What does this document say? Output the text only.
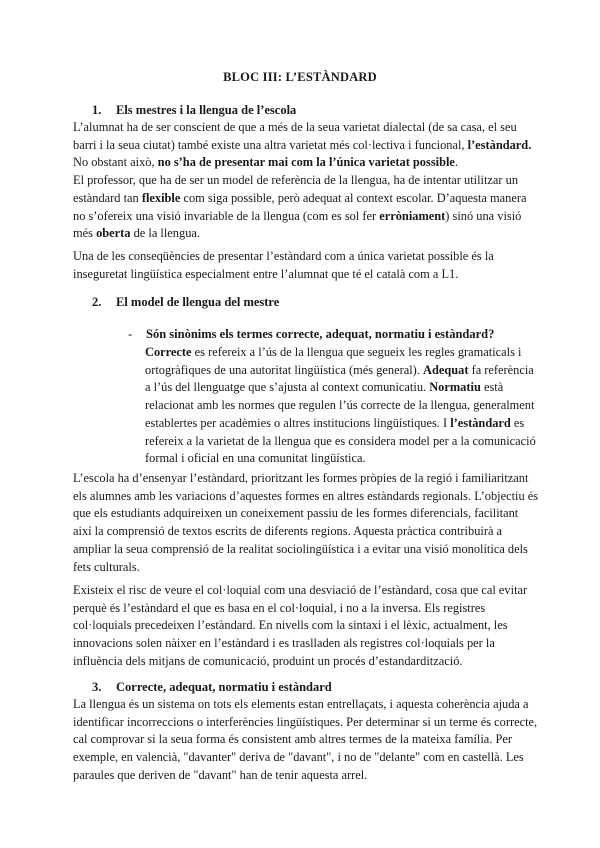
BLOC III: L’ESTÀNDARD
1. Els mestres i la llengua de l’escola
L’alumnat ha de ser conscient de que a més de la seua varietat dialectal (de sa casa, el seu
barri i la seua ciutat) també existe una altra varietat més col·lectiva i funcional, l’estàndard.
No obstant això, no s’ha de presentar mai com la l’única varietat possible.
El professor, que ha de ser un model de referència de la llengua, ha de intentar utilitzar un
estàndard tan flexible com siga possible, però adequat al context escolar. D’aquesta manera
no s’ofereix una visió invariable de la llengua (com es sol fer erròniament) sinó una visió
més oberta de la llengua.
Una de les conseqüències de presentar l’estàndard com a única varietat possible és la
inseguretat lingüística especialment entre l’alumnat que té el català com a L1.
2. El model de llengua del mestre
- Són sinònims els termes correcte, adequat, normatiu i estàndard?
Correcte es refereix a l’ús de la llengua que segueix les regles gramaticals i
ortogràfiques de una autoritat lingüística (més general). Adequat fa referència
a l’ús del llenguatge que s’ajusta al context comunicatiu. Normatiu està
relacionat amb les normes que regulen l’ús correcte de la llengua, generalment
establertes per acadèmies o altres institucions lingüístiques. I l’estàndard es
refereix a la varietat de la llengua que es considera model per a la comunicació
formal i oficial en una comunitat lingüística.
L’escola ha d’ensenyar l’estàndard, prioritzant les formes pròpies de la regió i familiaritzant
els alumnes amb les variacions d’aquestes formes en altres estàndards regionals. L’objectiu és
que els estudiants adquireixen un coneixement passiu de les formes diferencials, facilitant
així la comprensió de textos escrits de diferents regions. Aquesta pràctica contribuirà a
ampliar la seua comprensió de la realitat sociolingüística i a evitar una visió monolítica dels
fets culturals.
Existeix el risc de veure el col·loquial com una desviació de l’estàndard, cosa que cal evitar
perquè és l’estàndard el que es basa en el col·loquial, i no a la inversa. Els registres
col·loquials precedeixen l’estàndard. En nivells com la sintaxi i el lèxic, actualment, les
innovacions solen nàixer en l’estàndard i es traslladen als registres col·loquials per la
influència dels mitjans de comunicació, produint un procés d’estandardització.
3. Correcte, adequat, normatiu i estàndard
La llengua és un sistema on tots els elements estan entrellaçats, i aquesta coherència ajuda a
identificar incorreccions o interferències lingüístiques. Per determinar si un terme és correcte,
cal comprovar si la seua forma és consistent amb altres termes de la mateixa família. Per
exemple, en valencià, "davanter" deriva de "davant", i no de "delante" com en castellà. Les
paraules que deriven de "davant" han de tenir aquesta arrel.
